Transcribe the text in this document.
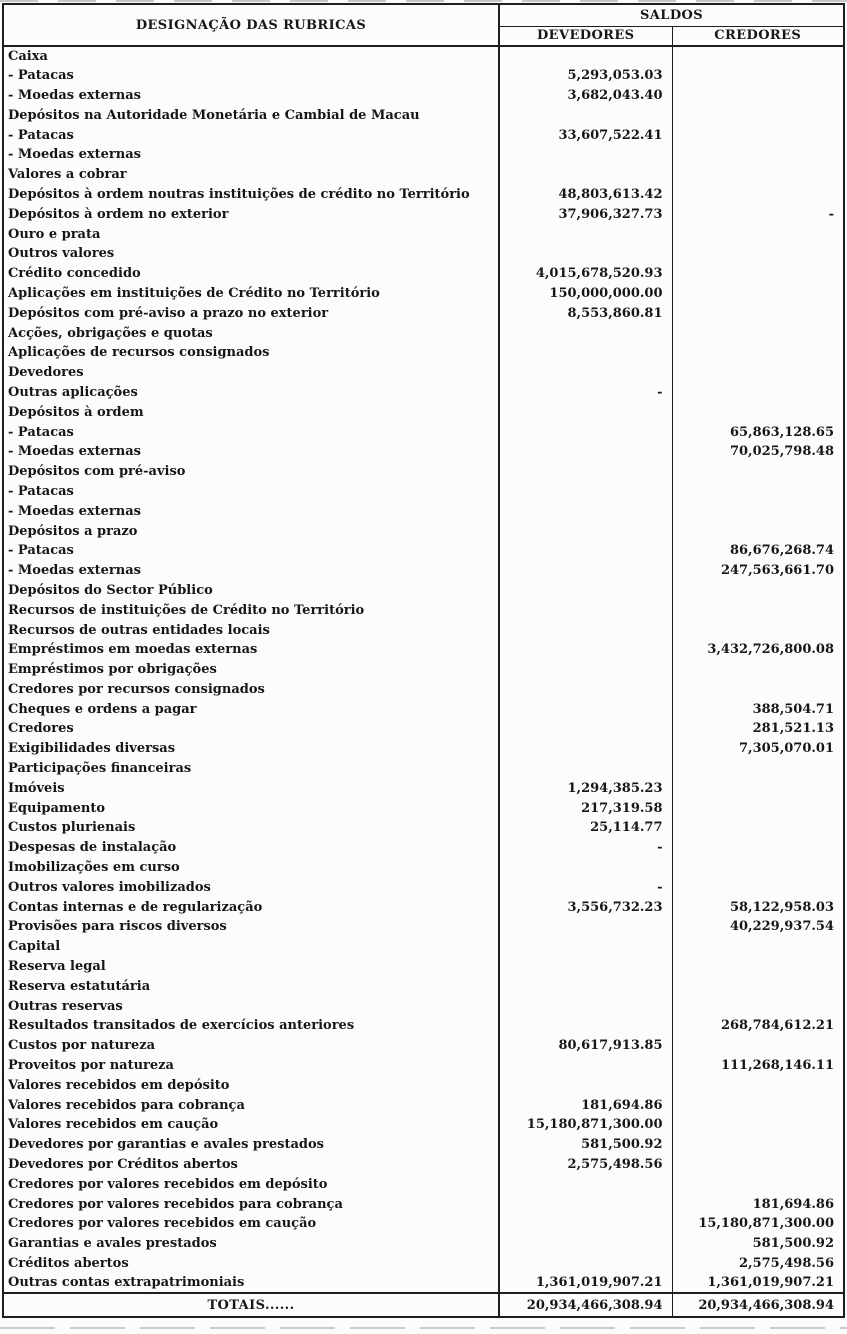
DESIGNAÇÃO DAS RUBRICAS	SALDOS	
	DEVEDORES	CREDORES
Caixa		
- Patacas	5,293,053.03	
- Moedas externas	3,682,043.40	
Depósitos na Autoridade Monetária e Cambial de Macau		
- Patacas	33,607,522.41	
- Moedas externas		
Valores a cobrar		
Depósitos à ordem noutras instituições de crédito no Território	48,803,613.42	
Depósitos à ordem no exterior	37,906,327.73	-
Ouro e prata		
Outros valores		
Crédito concedido	4,015,678,520.93	
Aplicações em instituições de Crédito no Território	150,000,000.00	
Depósitos com pré-aviso a prazo no exterior	8,553,860.81	
Acções, obrigações e quotas		
Aplicações de recursos consignados		
Devedores		
Outras aplicações	-	
Depósitos à ordem		
- Patacas		65,863,128.65
- Moedas externas		70,025,798.48
Depósitos com pré-aviso		
- Patacas		
- Moedas externas		
Depósitos a prazo		
- Patacas		86,676,268.74
- Moedas externas		247,563,661.70
Depósitos do Sector Público		
Recursos de instituições de Crédito no Território		
Recursos de outras entidades locais		
Empréstimos em moedas externas		3,432,726,800.08
Empréstimos por obrigações		
Credores por recursos consignados		
Cheques e ordens a pagar		388,504.71
Credores		281,521.13
Exigibilidades diversas		7,305,070.01
Participações financeiras		
Imóveis	1,294,385.23	
Equipamento	217,319.58	
Custos plurienais	25,114.77	
Despesas de instalação	-	
Imobilizações em curso		
Outros valores imobilizados	-	
Contas internas e de regularização	3,556,732.23	58,122,958.03
Provisões para riscos diversos		40,229,937.54
Capital		
Reserva legal		
Reserva estatutária		
Outras reservas		
Resultados transitados de exercícios anteriores		268,784,612.21
Custos por natureza	80,617,913.85	
Proveitos por natureza		111,268,146.11
Valores recebidos em depósito		
Valores recebidos para cobrança	181,694.86	
Valores recebidos em caução	15,180,871,300.00	
Devedores por garantias e avales prestados	581,500.92	
Devedores por Créditos abertos	2,575,498.56	
Credores por valores recebidos em depósito		
Credores por valores recebidos para cobrança		181,694.86
Credores por valores recebidos em caução		15,180,871,300.00
Garantias e avales prestados		581,500.92
Créditos abertos		2,575,498.56
Outras contas extrapatrimoniais	1,361,019,907.21	1,361,019,907.21
TOTAIS......	20,934,466,308.94	20,934,466,308.94
